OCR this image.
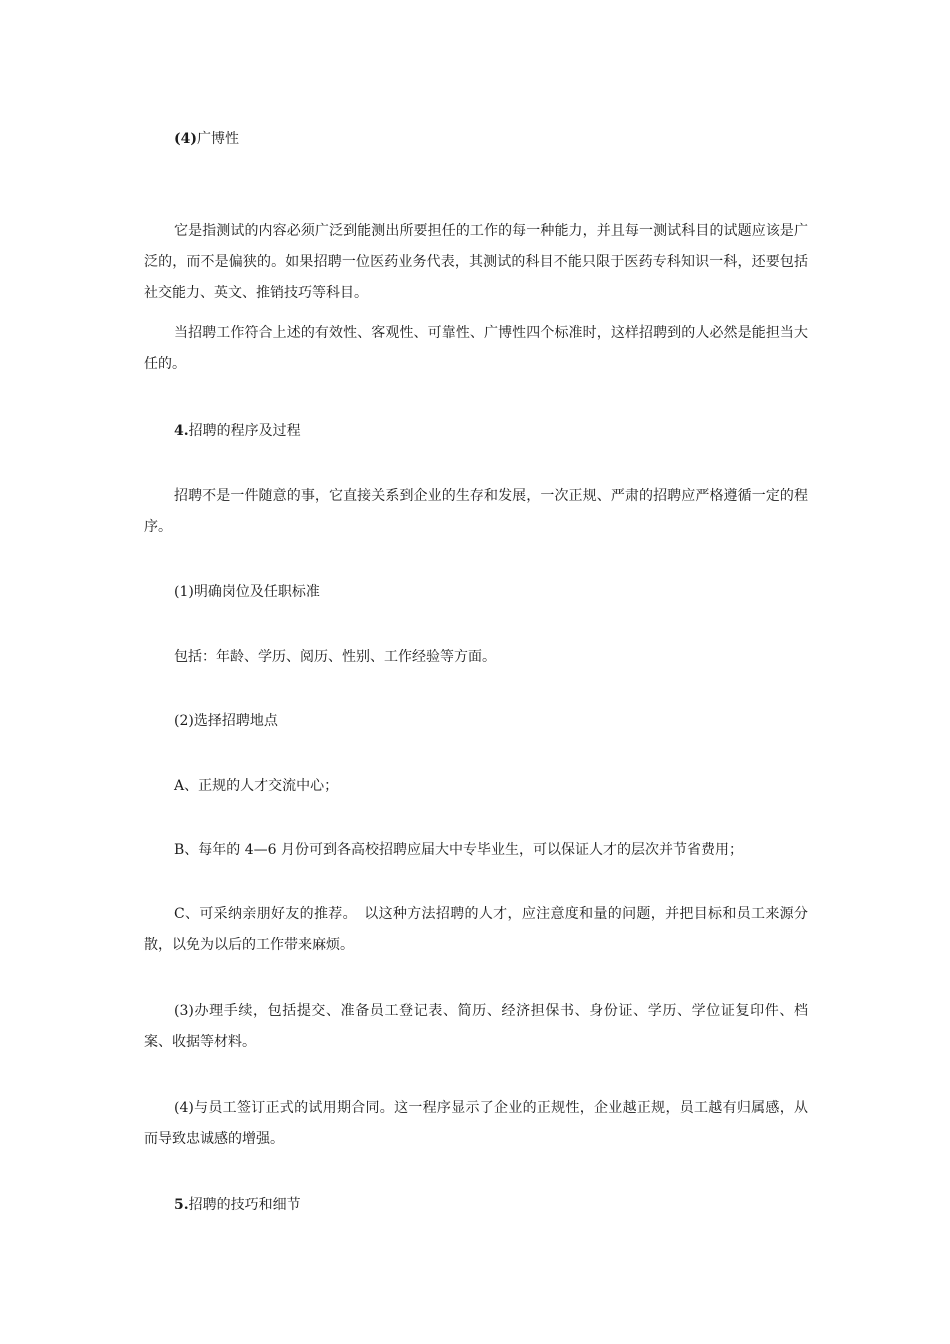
(4)广博性

它是指测试的内容必须广泛到能测出所要担任的工作的每一种能力，并且每一测试科目的试题应该是广泛的，而不是偏狭的。如果招聘一位医药业务代表，其测试的科目不能只限于医药专科知识一科，还要包括社交能力、英文、推销技巧等科目。

当招聘工作符合上述的有效性、客观性、可靠性、广博性四个标准时，这样招聘到的人必然是能担当大任的。

4.招聘的程序及过程

招聘不是一件随意的事，它直接关系到企业的生存和发展，一次正规、严肃的招聘应严格遵循一定的程序。

(1)明确岗位及任职标准

包括：年龄、学历、阅历、性别、工作经验等方面。

(2)选择招聘地点

A、正规的人才交流中心；

B、每年的 4—6 月份可到各高校招聘应届大中专毕业生，可以保证人才的层次并节省费用；

C、可采纳亲朋好友的推荐。　以这种方法招聘的人才，应注意度和量的问题，并把目标和员工来源分散，以免为以后的工作带来麻烦。

(3)办理手续，包括提交、准备员工登记表、简历、经济担保书、身份证、学历、学位证复印件、档案、收据等材料。

(4)与员工签订正式的试用期合同。这一程序显示了企业的正规性，企业越正规，员工越有归属感，从而导致忠诚感的增强。

5.招聘的技巧和细节
